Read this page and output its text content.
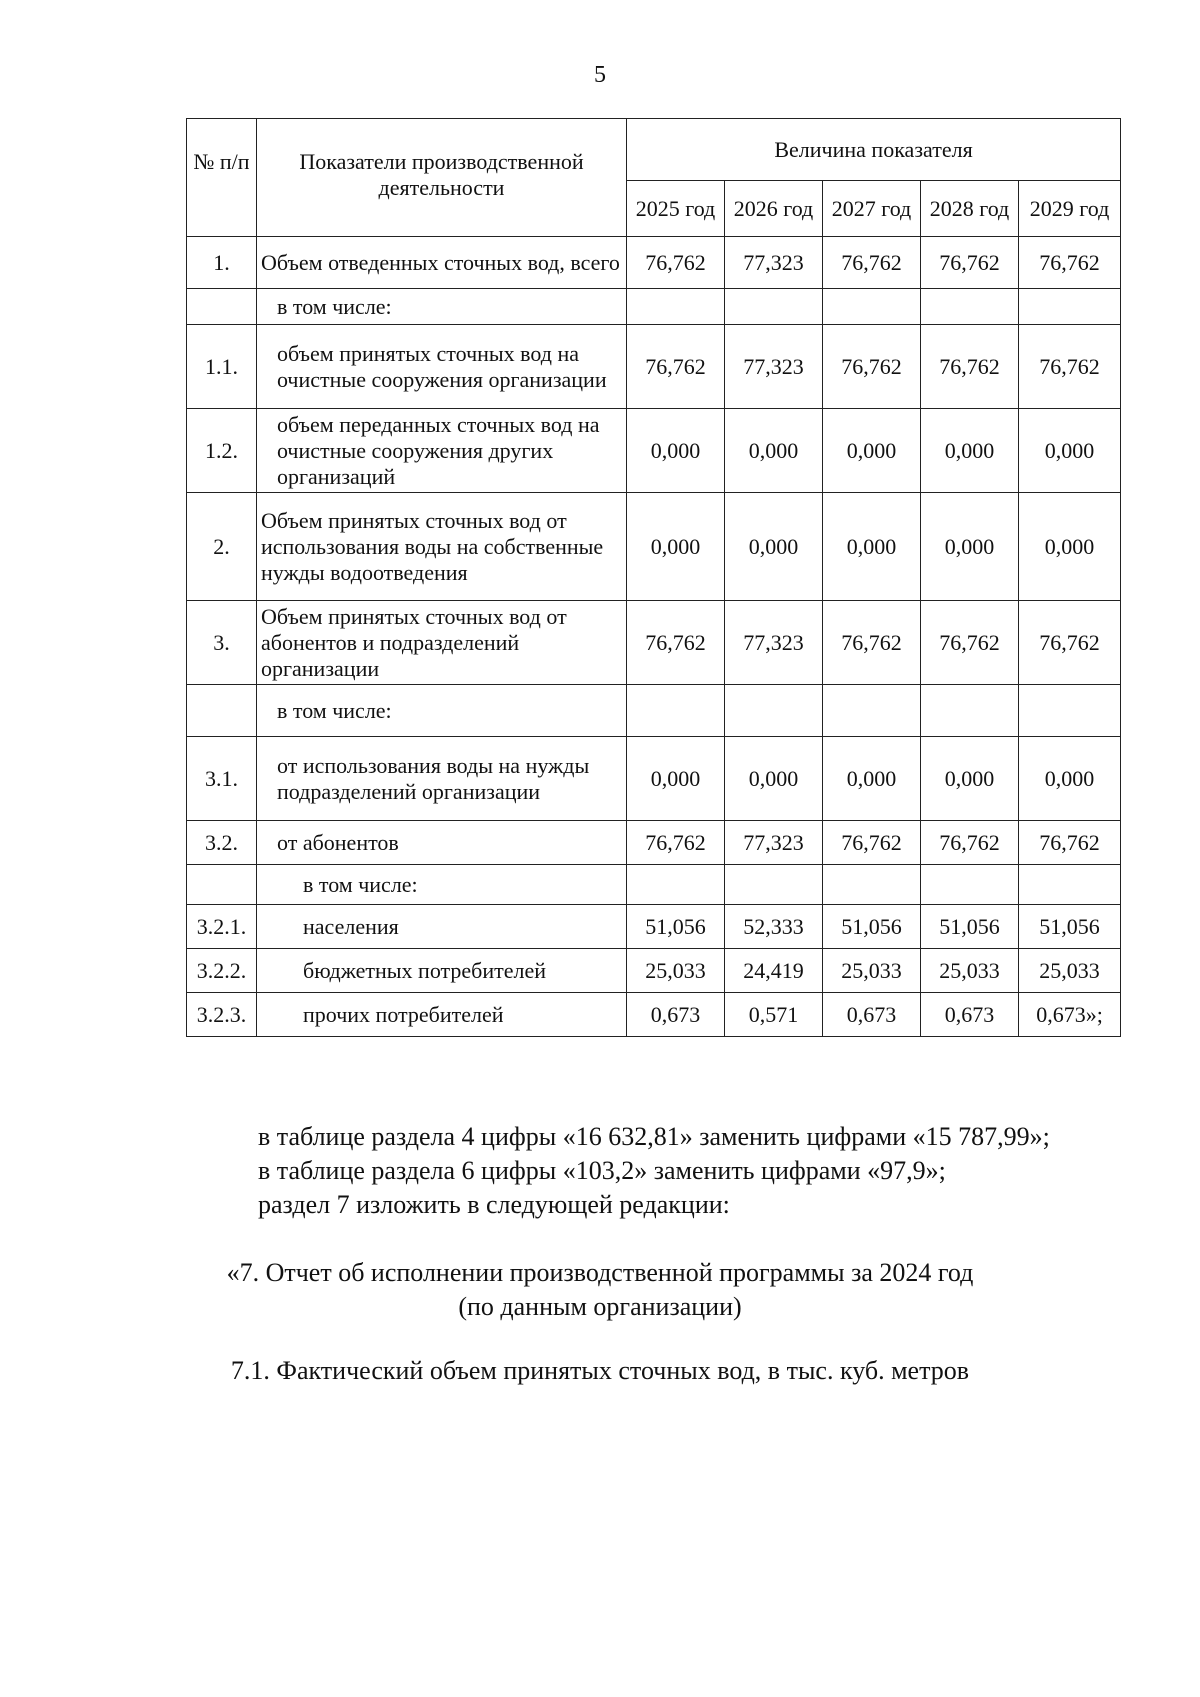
5
№ п/п	Показатели производственной деятельности	Величина показателя				
		2025 год	2026 год	2027 год	2028 год	2029 год
1.	Объем отведенных сточных вод, всего	76,762	77,323	76,762	76,762	76,762
	в том числе:					
1.1.	объем принятых сточных вод на очистные сооружения организации	76,762	77,323	76,762	76,762	76,762
1.2.	объем переданных сточных вод на очистные сооружения других организаций	0,000	0,000	0,000	0,000	0,000
2.	Объем принятых сточных вод от использования воды на собственные нужды водоотведения	0,000	0,000	0,000	0,000	0,000
3.	Объем принятых сточных вод от абонентов и подразделений организации	76,762	77,323	76,762	76,762	76,762
	в том числе:					
3.1.	от использования воды на нужды подразделений организации	0,000	0,000	0,000	0,000	0,000
3.2.	от абонентов	76,762	77,323	76,762	76,762	76,762
	в том числе:					
3.2.1.	населения	51,056	52,333	51,056	51,056	51,056
3.2.2.	бюджетных потребителей	25,033	24,419	25,033	25,033	25,033
3.2.3.	прочих потребителей	0,673	0,571	0,673	0,673	0,673»;
в таблице раздела 4 цифры «16 632,81» заменить цифрами «15 787,99»;
в таблице раздела 6 цифры «103,2» заменить цифрами «97,9»;
раздел 7 изложить в следующей редакции:
«7. Отчет об исполнении производственной программы за 2024 год
(по данным организации)
7.1. Фактический объем принятых сточных вод, в тыс. куб. метров
